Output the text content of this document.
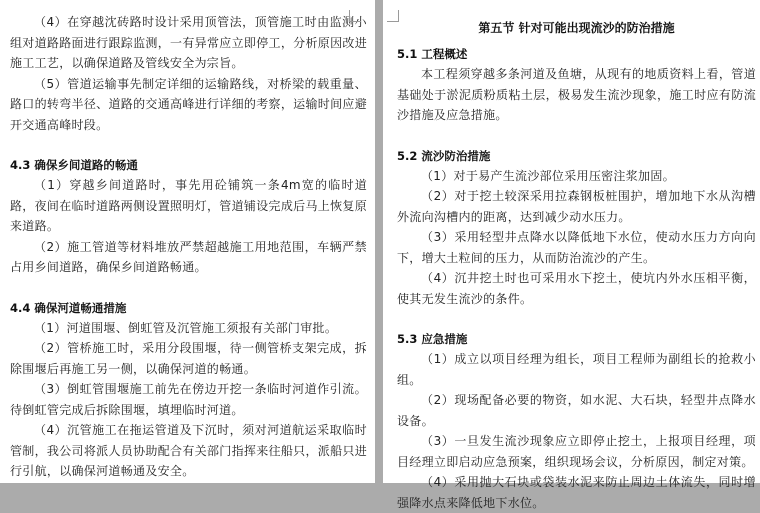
（4）在穿越沈砖路时设计采用顶管法，顶管施工时由监测小组对道路路面进行跟踪监测，一有异常应立即停工，分析原因改进施工工艺，以确保道路及管线安全为宗旨。

（5）管道运输事先制定详细的运输路线，对桥梁的载重量、路口的转弯半径、道路的交通高峰进行详细的考察，运输时间应避开交通高峰时段。

4.3 确保乡间道路的畅通

（1）穿越乡间道路时，事先用砼铺筑一条4m宽的临时道路，夜间在临时道路两侧设置照明灯，管道铺设完成后马上恢复原来道路。

（2）施工管道等材料堆放严禁超越施工用地范围，车辆严禁占用乡间道路，确保乡间道路畅通。

4.4 确保河道畅通措施

（1）河道围堰、倒虹管及沉管施工须报有关部门审批。

（2）管桥施工时，采用分段围堰，待一侧管桥支架完成，拆除围堰后再施工另一侧，以确保河道的畅通。

（3）倒虹管围堰施工前先在傍边开挖一条临时河道作引流。待倒虹管完成后拆除围堰，填埋临时河道。

（4）沉管施工在拖运管道及下沉时，须对河道航运采取临时管制，我公司将派人员协助配合有关部门指挥来往船只，派船只进行引航，以确保河道畅通及安全。

第五节 针对可能出现流沙的防治措施

5.1 工程概述

本工程须穿越多条河道及鱼塘，从现有的地质资料上看，管道基础处于淤泥质粉质粘土层，极易发生流沙现象，施工时应有防流沙措施及应急措施。

5.2 流沙防治措施

（1）对于易产生流沙部位采用压密注浆加固。

（2）对于挖土较深采用拉森钢板桩围护，增加地下水从沟槽外流向沟槽内的距离，达到减少动水压力。

（3）采用轻型井点降水以降低地下水位，使动水压力方向向下，增大土粒间的压力，从而防治流沙的产生。

（4）沉井挖土时也可采用水下挖土，使坑内外水压相平衡，使其无发生流沙的条件。

5.3 应急措施

（1）成立以项目经理为组长，项目工程师为副组长的抢救小组。

（2）现场配备必要的物资，如水泥、大石块，轻型井点降水设备。

（3）一旦发生流沙现象应立即停止挖土，上报项目经理，项目经理立即启动应急预案，组织现场会议，分析原因，制定对策。

（4）采用抛大石块或袋装水泥来防止周边土体流失，同时增强降水点来降低地下水位。
